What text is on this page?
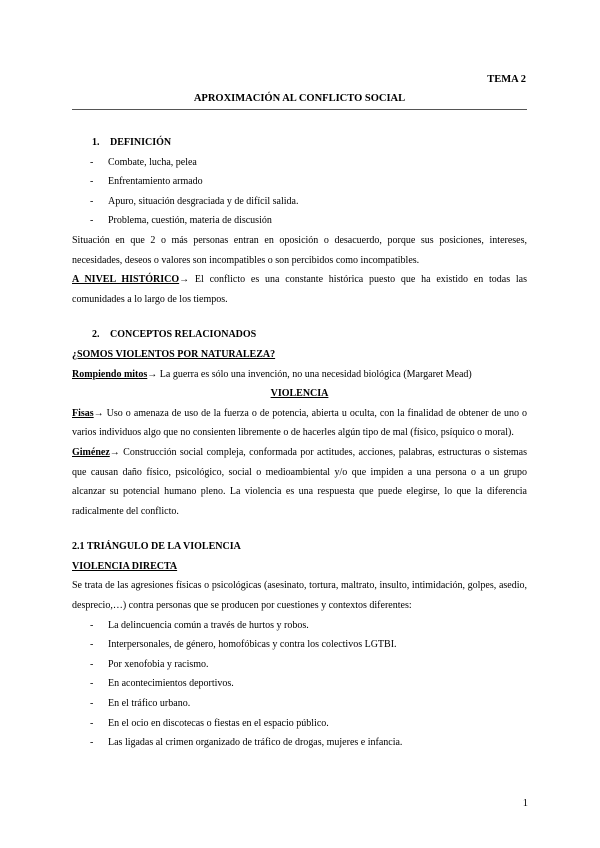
TEMA 2
APROXIMACIÓN AL CONFLICTO SOCIAL
1.	DEFINICIÓN
- Combate, lucha, pelea
- Enfrentamiento armado
- Apuro, situación desgraciada y de difícil salida.
- Problema, cuestión, materia de discusión

Situación en que 2 o más personas entran en oposición o desacuerdo, porque sus posiciones, intereses, necesidades, deseos o valores son incompatibles o son percibidos como incompatibles.

A NIVEL HISTÓRICO→ El conflicto es una constante histórica puesto que ha existido en todas las comunidades a lo largo de los tiempos.

2.	CONCEPTOS RELACIONADOS

¿SOMOS VIOLENTOS POR NATURALEZA?

Rompiendo mitos→ La guerra es sólo una invención, no una necesidad biológica (Margaret Mead)

VIOLENCIA

Fisas→ Uso o amenaza de uso de la fuerza o de potencia, abierta u oculta, con la finalidad de obtener de uno o varios individuos algo que no consienten libremente o de hacerles algún tipo de mal (físico, psíquico o moral).

Giménez→ Construcción social compleja, conformada por actitudes, acciones, palabras, estructuras o sistemas que causan daño físico, psicológico, social o medioambiental y/o que impiden a una persona o a un grupo alcanzar su potencial humano pleno. La violencia es una respuesta que puede elegirse, lo que la diferencia radicalmente del conflicto.

2.1 TRIÁNGULO DE LA VIOLENCIA

VIOLENCIA DIRECTA

Se trata de las agresiones físicas o psicológicas (asesinato, tortura, maltrato, insulto, intimidación, golpes, asedio, desprecio,…) contra personas que se producen por cuestiones y contextos diferentes:

- La delincuencia común a través de hurtos y robos.
- Interpersonales, de género, homofóbicas y contra los colectivos LGTBI.
- Por xenofobia y racismo.
- En acontecimientos deportivos.
- En el tráfico urbano.
- En el ocio en discotecas o fiestas en el espacio público.
- Las ligadas al crimen organizado de tráfico de drogas, mujeres e infancia.
1
